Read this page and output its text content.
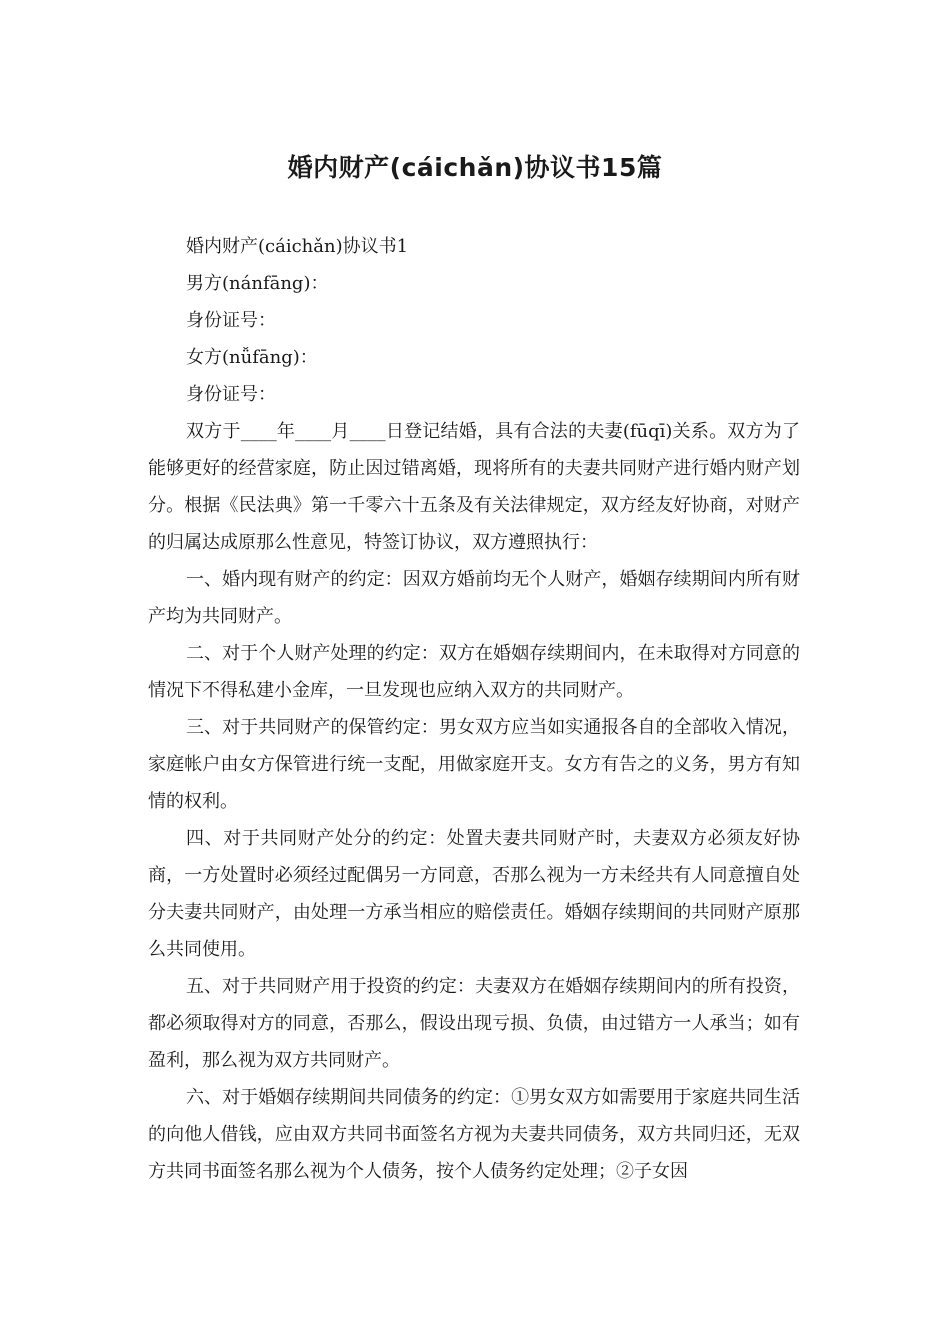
婚内财产(cáichǎn)协议书15篇

婚内财产(cáichǎn)协议书1

男方(nánfāng)：

身份证号：

女方(nǚfāng)：

身份证号：

双方于____年____月____日登记结婚，具有合法的夫妻(fūqī)关系。双方为了能够更好的经营家庭，防止因过错离婚，现将所有的夫妻共同财产进行婚内财产划分。根据《民法典》第一千零六十五条及有关法律规定，双方经友好协商，对财产的归属达成原那么性意见，特签订协议，双方遵照执行：

一、婚内现有财产的约定：因双方婚前均无个人财产，婚姻存续期间内所有财产均为共同财产。

二、对于个人财产处理的约定：双方在婚姻存续期间内，在未取得对方同意的情况下不得私建小金库，一旦发现也应纳入双方的共同财产。

三、对于共同财产的保管约定：男女双方应当如实通报各自的全部收入情况，家庭帐户由女方保管进行统一支配，用做家庭开支。女方有告之的义务，男方有知情的权利。

四、对于共同财产处分的约定：处置夫妻共同财产时，夫妻双方必须友好协商，一方处置时必须经过配偶另一方同意，否那么视为一方未经共有人同意擅自处分夫妻共同财产，由处理一方承当相应的赔偿责任。婚姻存续期间的共同财产原那么共同使用。

五、对于共同财产用于投资的约定：夫妻双方在婚姻存续期间内的所有投资，都必须取得对方的同意，否那么，假设出现亏损、负债，由过错方一人承当；如有盈利，那么视为双方共同财产。

六、对于婚姻存续期间共同债务的约定：①男女双方如需要用于家庭共同生活的向他人借钱，应由双方共同书面签名方视为夫妻共同债务，双方共同归还，无双方共同书面签名那么视为个人债务，按个人债务约定处理；②子女因
